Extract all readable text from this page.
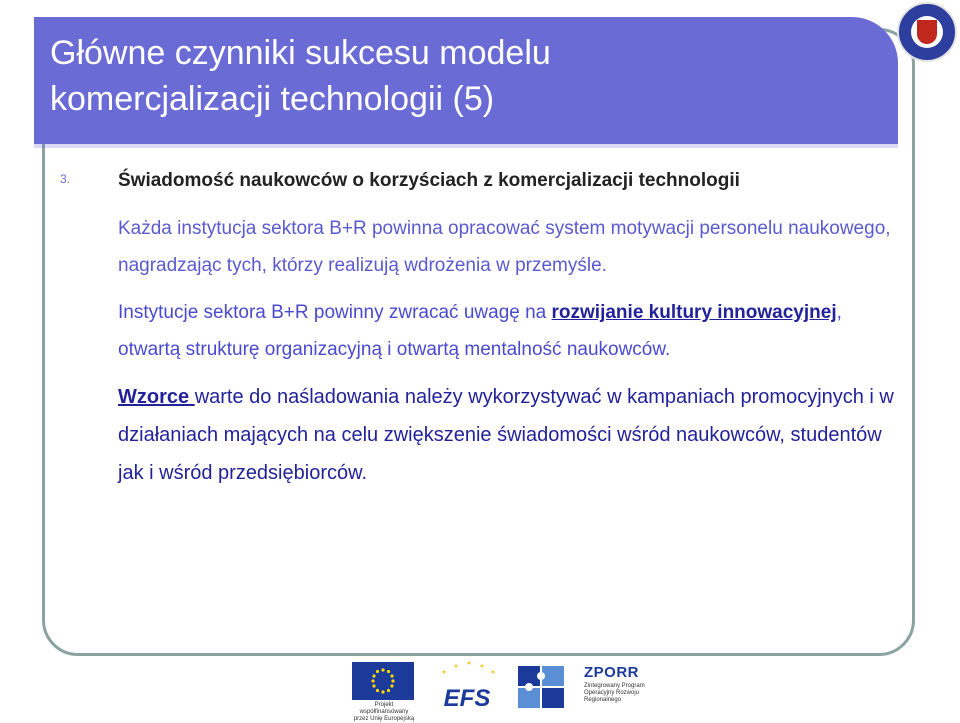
Główne czynniki sukcesu modelu
komercjalizacji technologii (5)
3.	Świadomość naukowców o korzyściach z komercjalizacji technologii

Każda instytucja sektora B+R powinna opracować system motywacji personelu naukowego, nagradzając tych, którzy realizują wdrożenia w przemyśle.

Instytucje sektora B+R powinny zwracać uwagę na rozwijanie kultury innowacyjnej, otwartą strukturę organizacyjną i otwartą mentalność naukowców.

Wzorce warte do naśladowania należy wykorzystywać w kampaniach promocyjnych i w działaniach mających na celu zwiększenie świadomości wśród naukowców, studentów jak i wśród przedsiębiorców.

Projekt współfinansowany przez Unię Europejską
EFS
ZPORR
Zintegrowany Program Operacyjny Rozwoju Regionalnego
